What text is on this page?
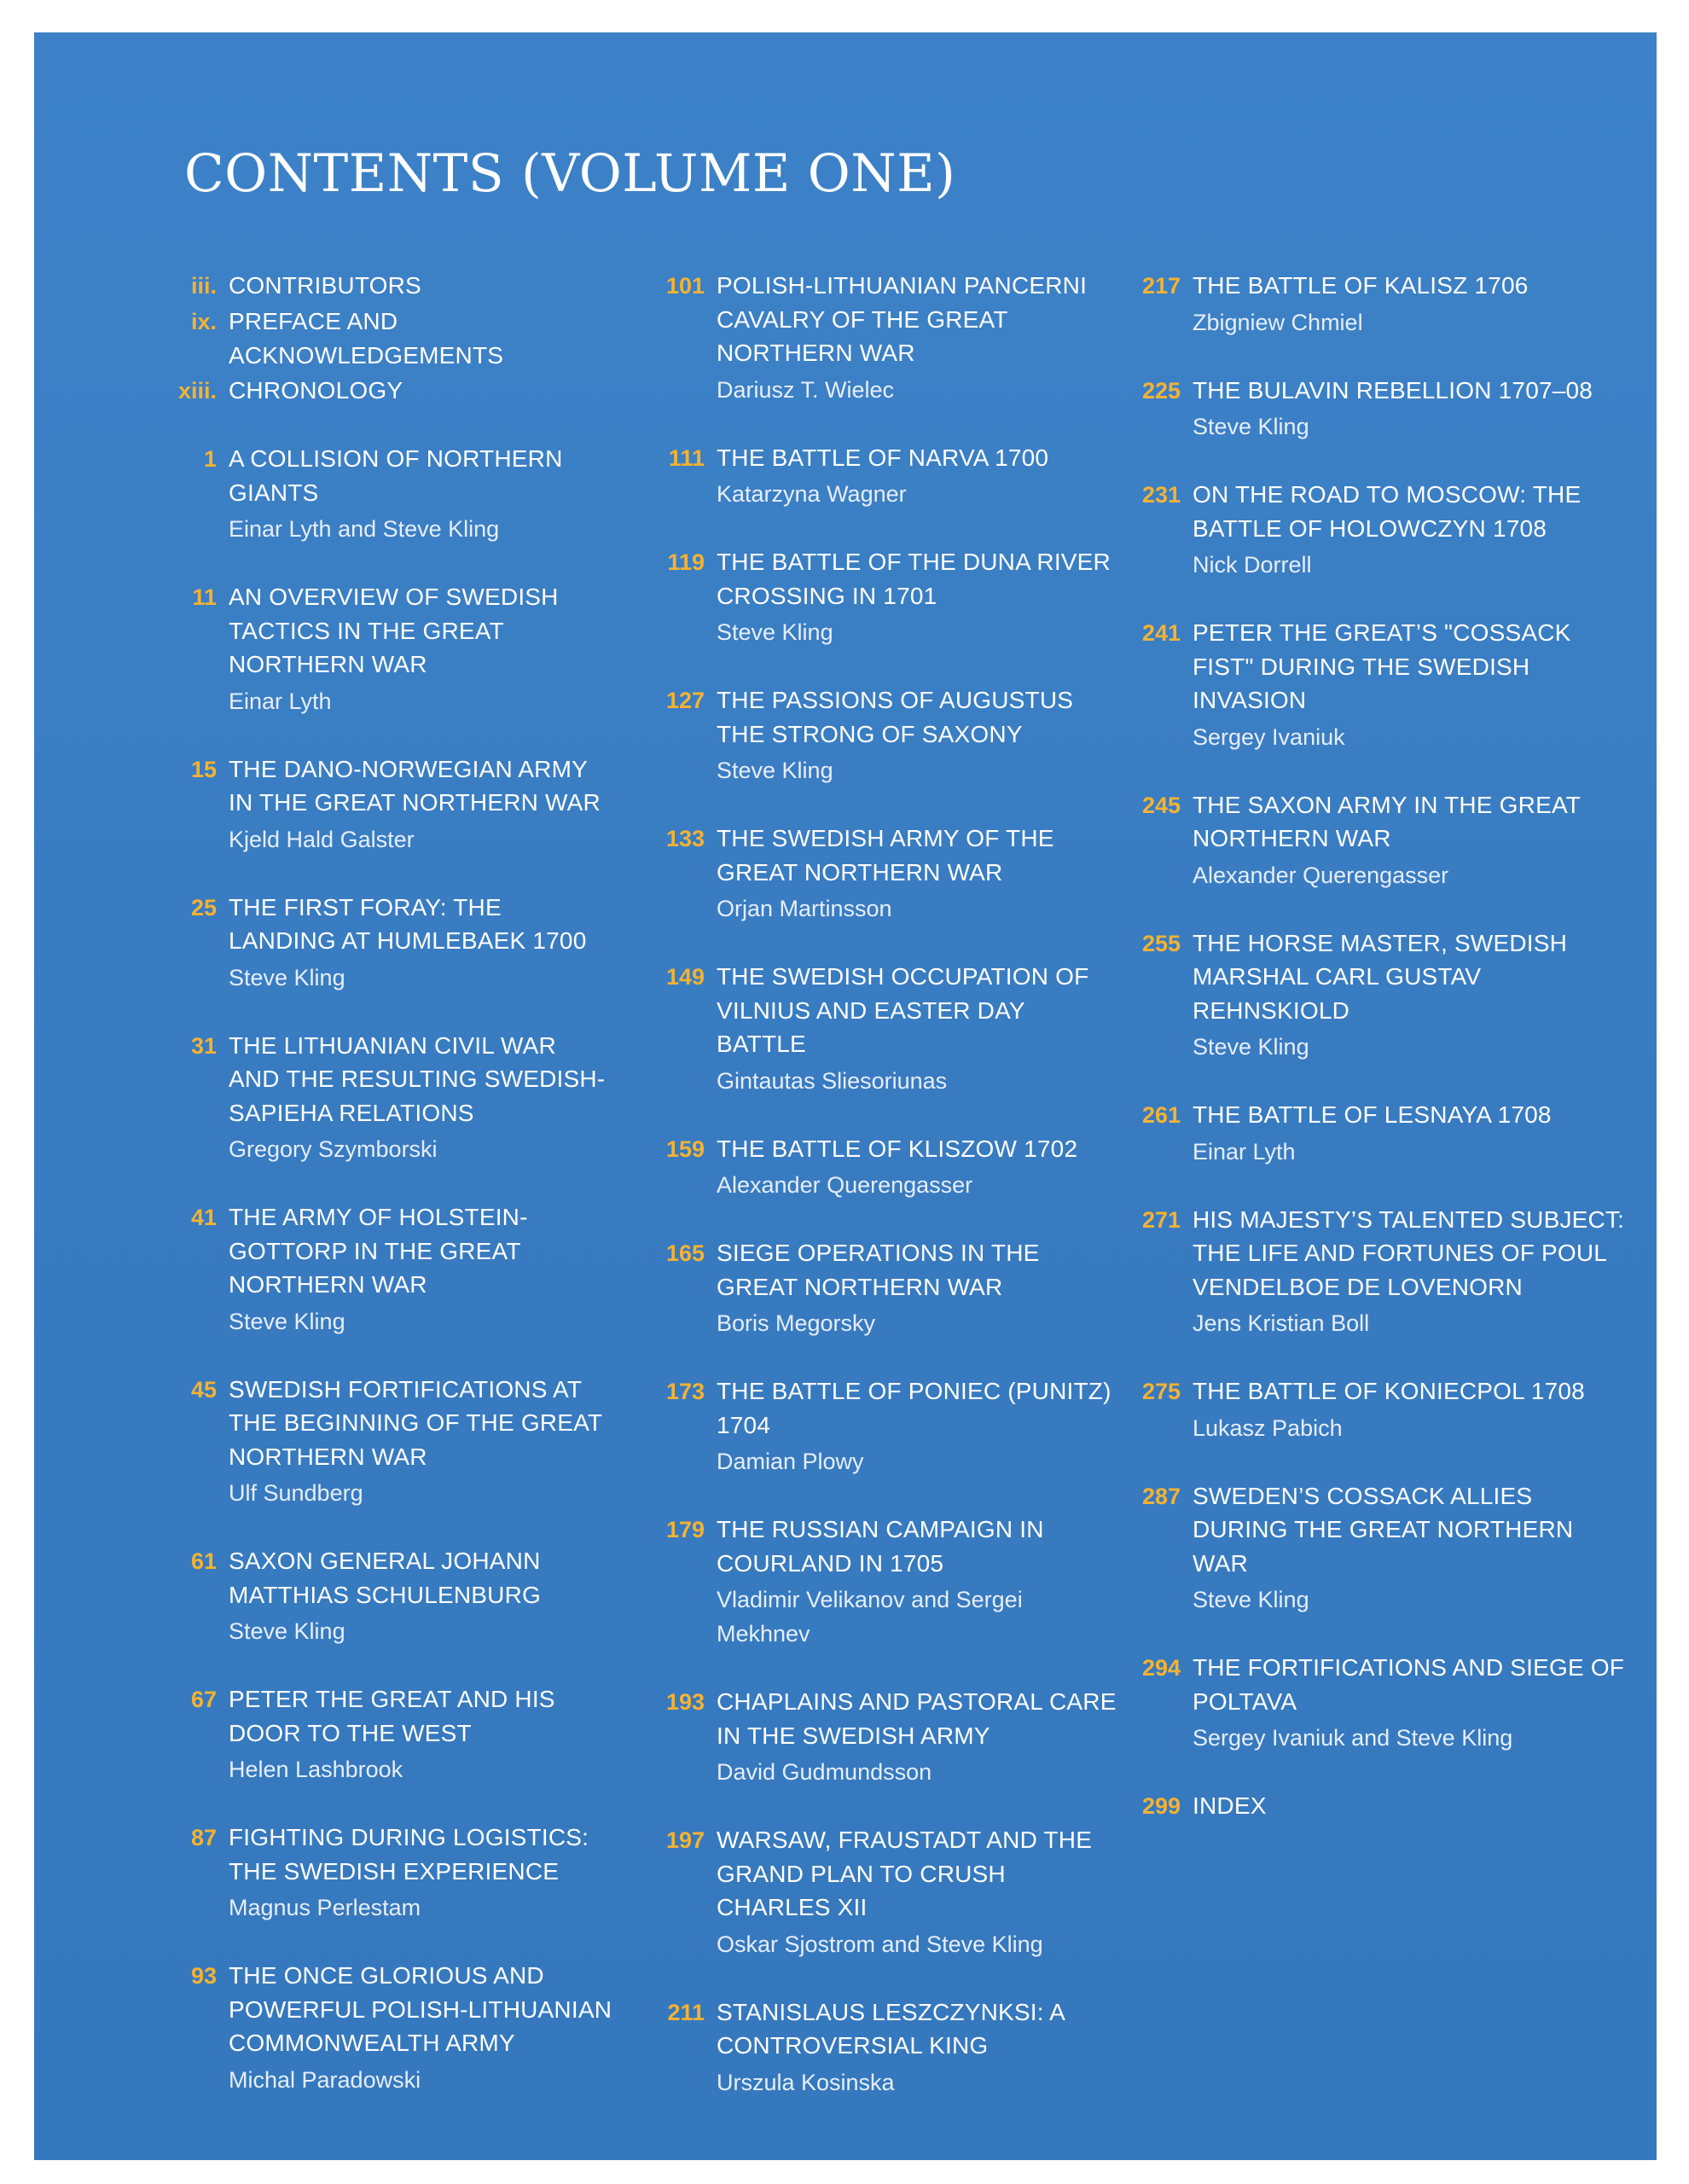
CONTENTS (VOLUME ONE)
iii. CONTRIBUTORS
ix. PREFACE AND ACKNOWLEDGEMENTS
xiii. CHRONOLOGY
1 A COLLISION OF NORTHERN GIANTS
Einar Lyth and Steve Kling
11 AN OVERVIEW OF SWEDISH TACTICS IN THE GREAT NORTHERN WAR
Einar Lyth
15 THE DANO-NORWEGIAN ARMY IN THE GREAT NORTHERN WAR
Kjeld Hald Galster
25 THE FIRST FORAY: THE LANDING AT HUMLEBAEK 1700
Steve Kling
31 THE LITHUANIAN CIVIL WAR AND THE RESULTING SWEDISH-SAPIEHA RELATIONS
Gregory Szymborski
41 THE ARMY OF HOLSTEIN-GOTTORP IN THE GREAT NORTHERN WAR
Steve Kling
45 SWEDISH FORTIFICATIONS AT THE BEGINNING OF THE GREAT NORTHERN WAR
Ulf Sundberg
61 SAXON GENERAL JOHANN MATTHIAS SCHULENBURG
Steve Kling
67 PETER THE GREAT AND HIS DOOR TO THE WEST
Helen Lashbrook
87 FIGHTING DURING LOGISTICS: THE SWEDISH EXPERIENCE
Magnus Perlestam
93 THE ONCE GLORIOUS AND POWERFUL POLISH-LITHUANIAN COMMONWEALTH ARMY
Michal Paradowski
101 POLISH-LITHUANIAN PANCERNI CAVALRY OF THE GREAT NORTHERN WAR
Dariusz T. Wielec
111 THE BATTLE OF NARVA 1700
Katarzyna Wagner
119 THE BATTLE OF THE DUNA RIVER CROSSING IN 1701
Steve Kling
127 THE PASSIONS OF AUGUSTUS THE STRONG OF SAXONY
Steve Kling
133 THE SWEDISH ARMY OF THE GREAT NORTHERN WAR
Orjan Martinsson
149 THE SWEDISH OCCUPATION OF VILNIUS AND EASTER DAY BATTLE
Gintautas Sliesoriunas
159 THE BATTLE OF KLISZOW 1702
Alexander Querengasser
165 SIEGE OPERATIONS IN THE GREAT NORTHERN WAR
Boris Megorsky
173 THE BATTLE OF PONIEC (PUNITZ) 1704
Damian Plowy
179 THE RUSSIAN CAMPAIGN IN COURLAND IN 1705
Vladimir Velikanov and Sergei Mekhnev
193 CHAPLAINS AND PASTORAL CARE IN THE SWEDISH ARMY
David Gudmundsson
197 WARSAW, FRAUSTADT AND THE GRAND PLAN TO CRUSH CHARLES XII
Oskar Sjostrom and Steve Kling
211 STANISLAUS LESZCZYNKSI: A CONTROVERSIAL KING
Urszula Kosinska
217 THE BATTLE OF KALISZ 1706
Zbigniew Chmiel
225 THE BULAVIN REBELLION 1707–08
Steve Kling
231 ON THE ROAD TO MOSCOW: THE BATTLE OF HOLOWCZYN 1708
Nick Dorrell
241 PETER THE GREAT’S "COSSACK FIST" DURING THE SWEDISH INVASION
Sergey Ivaniuk
245 THE SAXON ARMY IN THE GREAT NORTHERN WAR
Alexander Querengasser
255 THE HORSE MASTER, SWEDISH MARSHAL CARL GUSTAV REHNSKIOLD
Steve Kling
261 THE BATTLE OF LESNAYA 1708
Einar Lyth
271 HIS MAJESTY’S TALENTED SUBJECT: THE LIFE AND FORTUNES OF POUL VENDELBOE DE LOVENORN
Jens Kristian Boll
275 THE BATTLE OF KONIECPOL 1708
Lukasz Pabich
287 SWEDEN’S COSSACK ALLIES DURING THE GREAT NORTHERN WAR
Steve Kling
294 THE FORTIFICATIONS AND SIEGE OF POLTAVA
Sergey Ivaniuk and Steve Kling
299 INDEX
